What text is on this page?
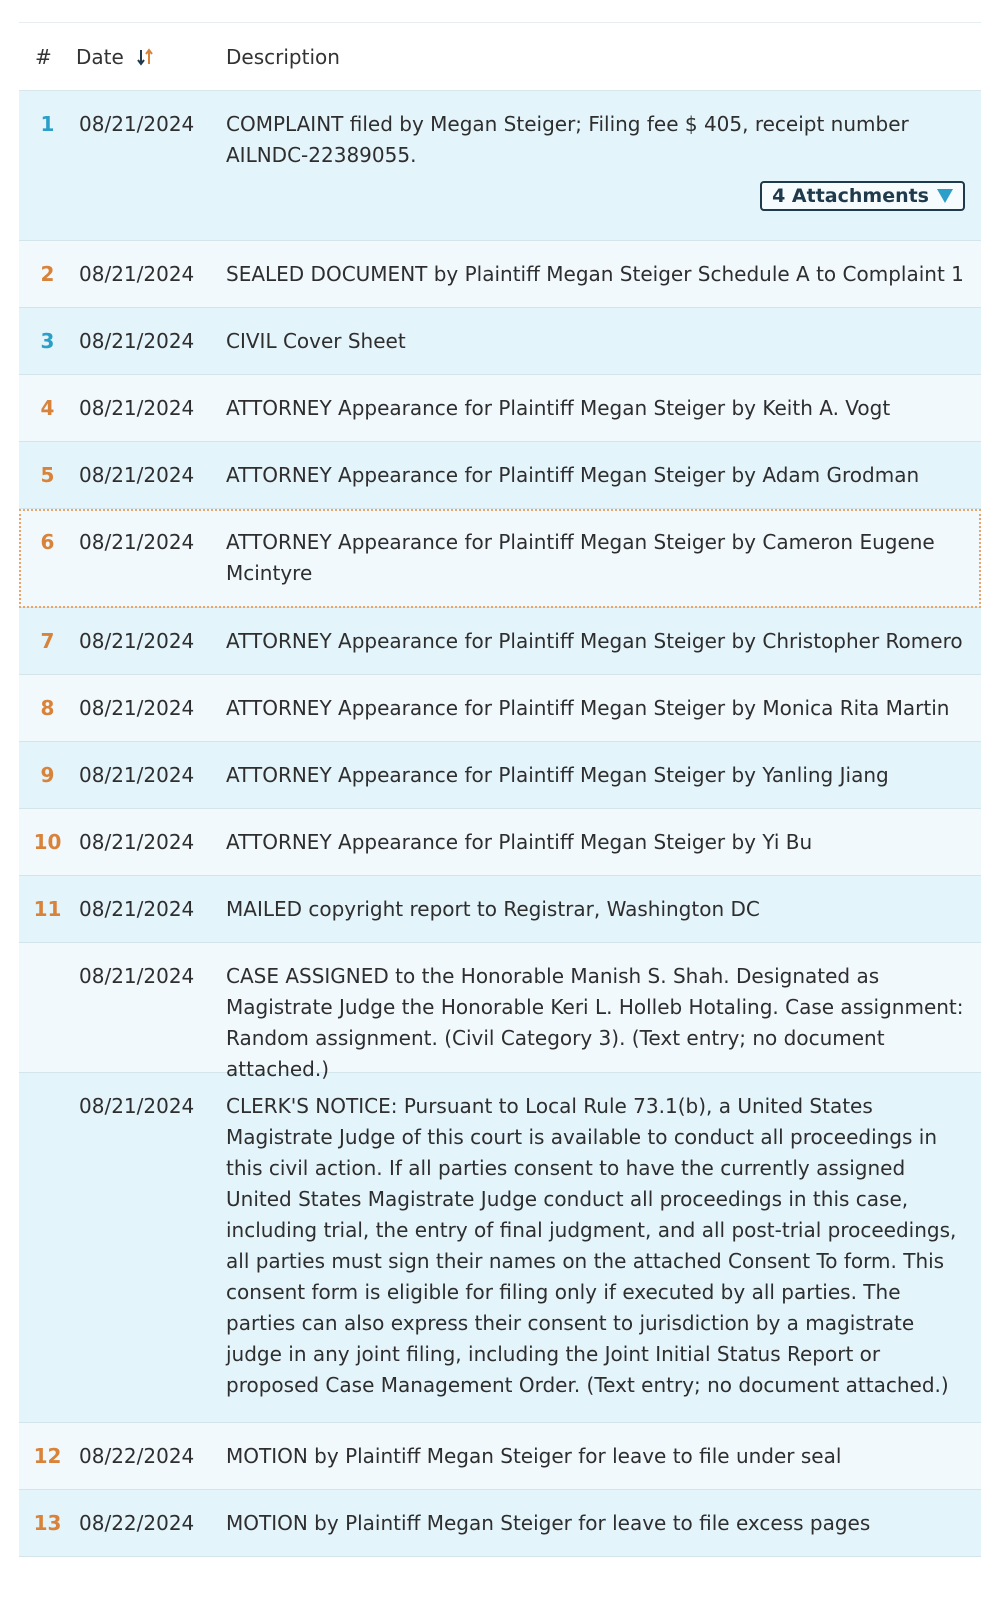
#	Date	Description
1	08/21/2024	COMPLAINT filed by Megan Steiger; Filing fee $ 405, receipt number AILNDC-22389055.
4 Attachments
2	08/21/2024	SEALED DOCUMENT by Plaintiff Megan Steiger Schedule A to Complaint 1
3	08/21/2024	CIVIL Cover Sheet
4	08/21/2024	ATTORNEY Appearance for Plaintiff Megan Steiger by Keith A. Vogt
5	08/21/2024	ATTORNEY Appearance for Plaintiff Megan Steiger by Adam Grodman
6	08/21/2024	ATTORNEY Appearance for Plaintiff Megan Steiger by Cameron Eugene Mcintyre
7	08/21/2024	ATTORNEY Appearance for Plaintiff Megan Steiger by Christopher Romero
8	08/21/2024	ATTORNEY Appearance for Plaintiff Megan Steiger by Monica Rita Martin
9	08/21/2024	ATTORNEY Appearance for Plaintiff Megan Steiger by Yanling Jiang
10 08/21/2024	ATTORNEY Appearance for Plaintiff Megan Steiger by Yi Bu
11 08/21/2024	MAILED copyright report to Registrar, Washington DC
08/21/2024	CASE ASSIGNED to the Honorable Manish S. Shah. Designated as Magistrate Judge the Honorable Keri L. Holleb Hotaling. Case assignment: Random assignment. (Civil Category 3). (Text entry; no document attached.)
08/21/2024	CLERK'S NOTICE: Pursuant to Local Rule 73.1(b), a United States Magistrate Judge of this court is available to conduct all proceedings in this civil action. If all parties consent to have the currently assigned United States Magistrate Judge conduct all proceedings in this case, including trial, the entry of final judgment, and all post-trial proceedings, all parties must sign their names on the attached Consent To form. This consent form is eligible for filing only if executed by all parties. The parties can also express their consent to jurisdiction by a magistrate judge in any joint filing, including the Joint Initial Status Report or proposed Case Management Order. (Text entry; no document attached.)
12 08/22/2024	MOTION by Plaintiff Megan Steiger for leave to file under seal
13 08/22/2024	MOTION by Plaintiff Megan Steiger for leave to file excess pages
